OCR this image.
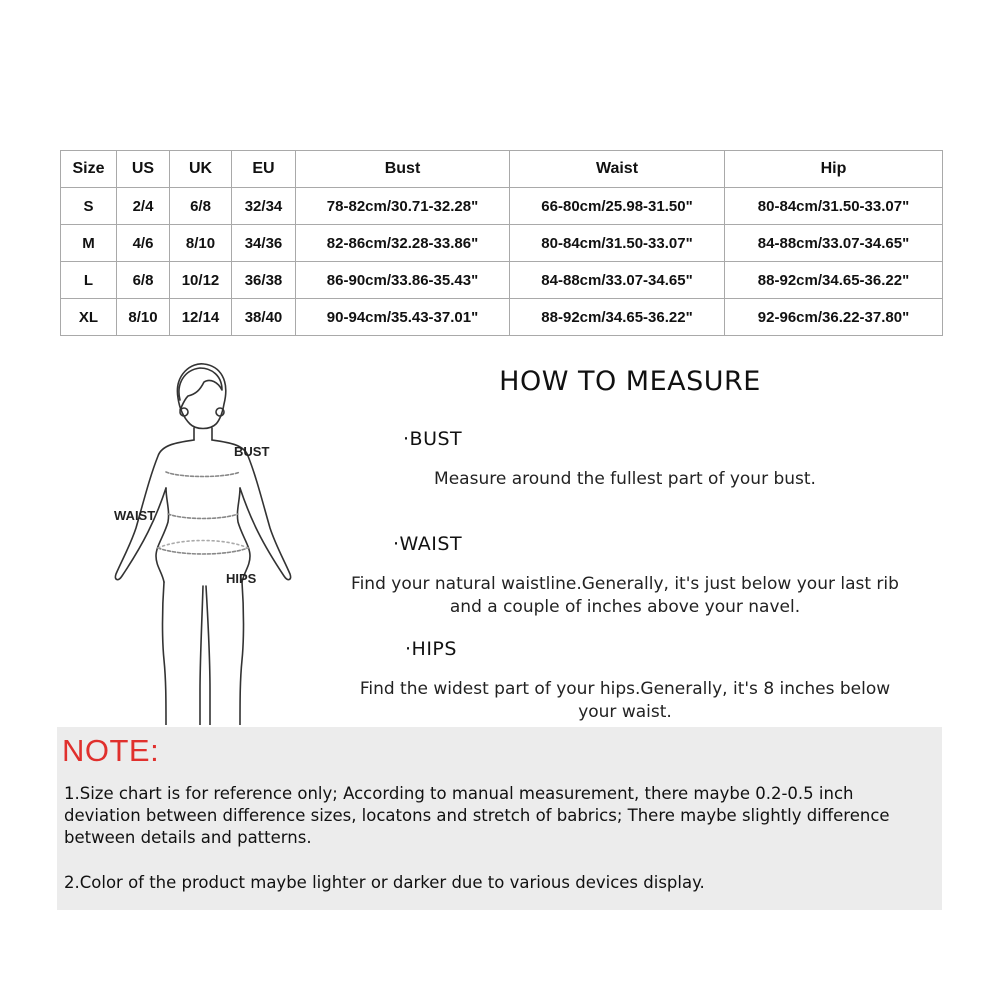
Size	US	UK	EU	Bust	Waist	Hip
S	2/4	6/8	32/34	78-82cm/30.71-32.28"	66-80cm/25.98-31.50"	80-84cm/31.50-33.07"
M	4/6	8/10	34/36	82-86cm/32.28-33.86"	80-84cm/31.50-33.07"	84-88cm/33.07-34.65"
L	6/8	10/12	36/38	86-90cm/33.86-35.43"	84-88cm/33.07-34.65"	88-92cm/34.65-36.22"
XL	8/10	12/14	38/40	90-94cm/35.43-37.01"	88-92cm/34.65-36.22"	92-96cm/36.22-37.80"
BUST
WAIST
HIPS
HOW TO MEASURE
·BUST
Measure around the fullest part of your bust.
·WAIST
Find your natural waistline.Generally, it's just below your last rib
and a couple of inches above your navel.
·HIPS
Find the widest part of your hips.Generally, it's 8 inches below
your waist.
NOTE:
1.Size chart is for reference only; According to manual measurement, there maybe 0.2-0.5 inch
deviation between difference sizes, locatons and stretch of babrics; There maybe slightly difference
between details and patterns.
2.Color of the product maybe lighter or darker due to various devices display.
